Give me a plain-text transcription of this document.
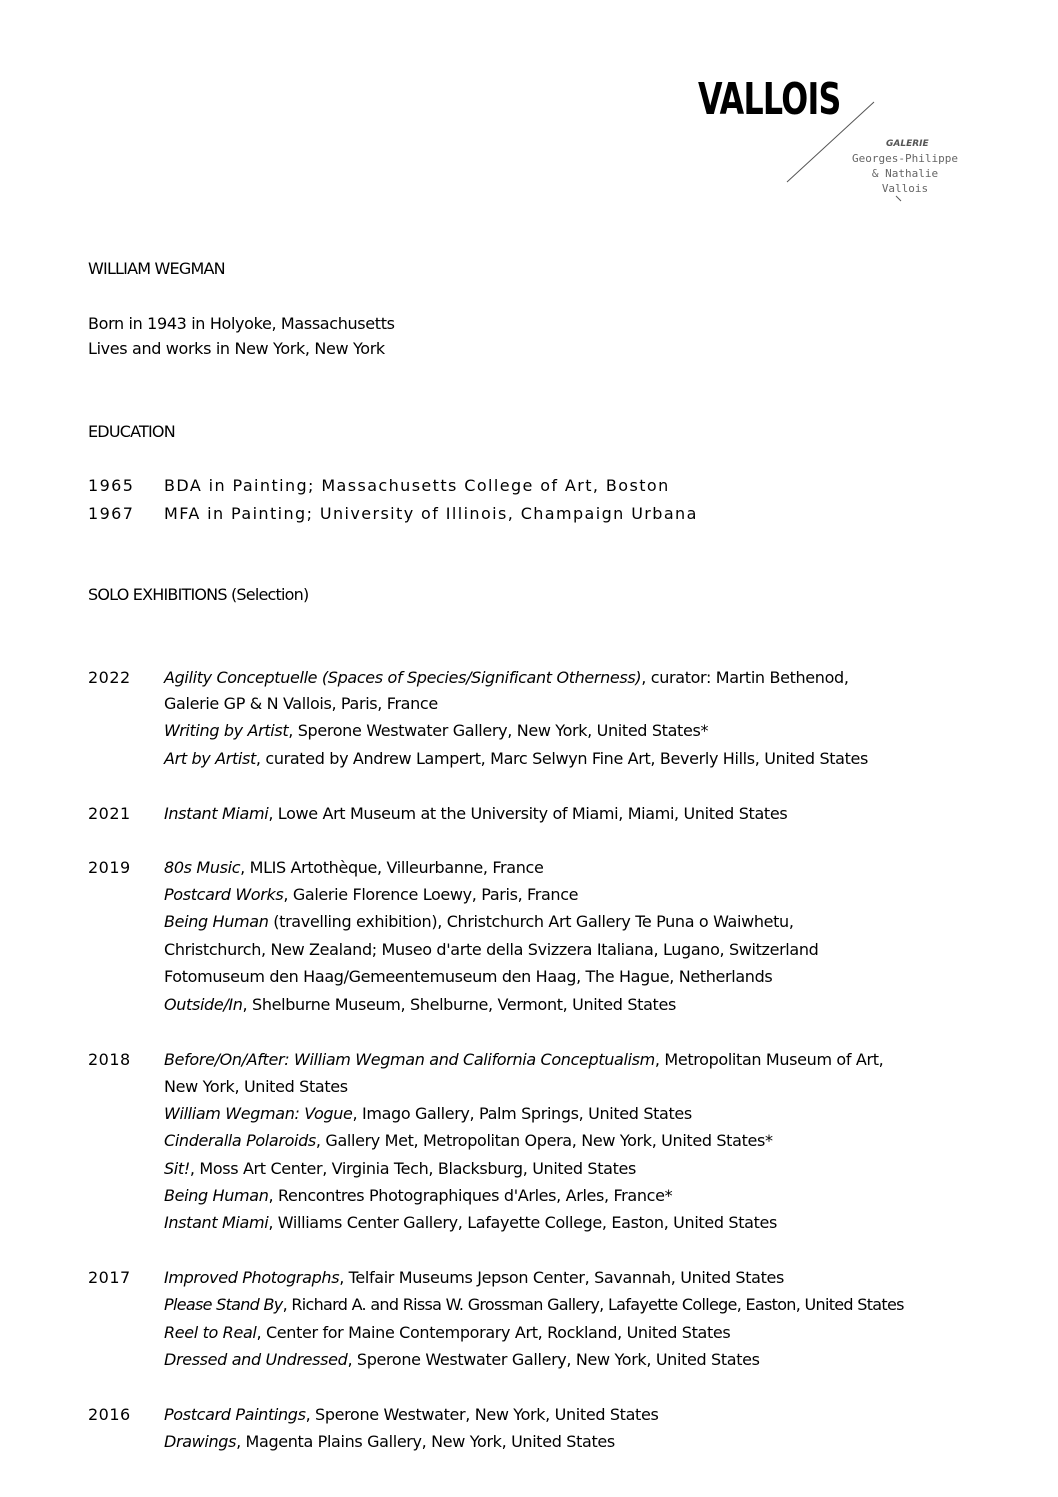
VALLOIS
GALERIE
Georges-Philippe
& Nathalie
Vallois
WILLIAM WEGMAN
Born in 1943 in Holyoke, Massachusetts
Lives and works in New York, New York
EDUCATION
1965 BDA in Painting; Massachusetts College of Art, Boston
1967 MFA in Painting; University of Illinois, Champaign Urbana
SOLO EXHIBITIONS (Selection)
2022 Agility Conceptuelle (Spaces of Species/Significant Otherness), curator: Martin Bethenod,
Galerie GP & N Vallois, Paris, France
Writing by Artist, Sperone Westwater Gallery, New York, United States*
Art by Artist, curated by Andrew Lampert, Marc Selwyn Fine Art, Beverly Hills, United States
2021 Instant Miami, Lowe Art Museum at the University of Miami, Miami, United States
2019 80s Music, MLIS Artothèque, Villeurbanne, France
Postcard Works, Galerie Florence Loewy, Paris, France
Being Human (travelling exhibition), Christchurch Art Gallery Te Puna o Waiwhetu,
Christchurch, New Zealand; Museo d'arte della Svizzera Italiana, Lugano, Switzerland
Fotomuseum den Haag/Gemeentemuseum den Haag, The Hague, Netherlands
Outside/In, Shelburne Museum, Shelburne, Vermont, United States
2018 Before/On/After: William Wegman and California Conceptualism, Metropolitan Museum of Art,
New York, United States
William Wegman: Vogue, Imago Gallery, Palm Springs, United States
Cinderalla Polaroids, Gallery Met, Metropolitan Opera, New York, United States*
Sit!, Moss Art Center, Virginia Tech, Blacksburg, United States
Being Human, Rencontres Photographiques d'Arles, Arles, France*
Instant Miami, Williams Center Gallery, Lafayette College, Easton, United States
2017 Improved Photographs, Telfair Museums Jepson Center, Savannah, United States
Please Stand By, Richard A. and Rissa W. Grossman Gallery, Lafayette College, Easton, United States
Reel to Real, Center for Maine Contemporary Art, Rockland, United States
Dressed and Undressed, Sperone Westwater Gallery, New York, United States
2016 Postcard Paintings, Sperone Westwater, New York, United States
Drawings, Magenta Plains Gallery, New York, United States
